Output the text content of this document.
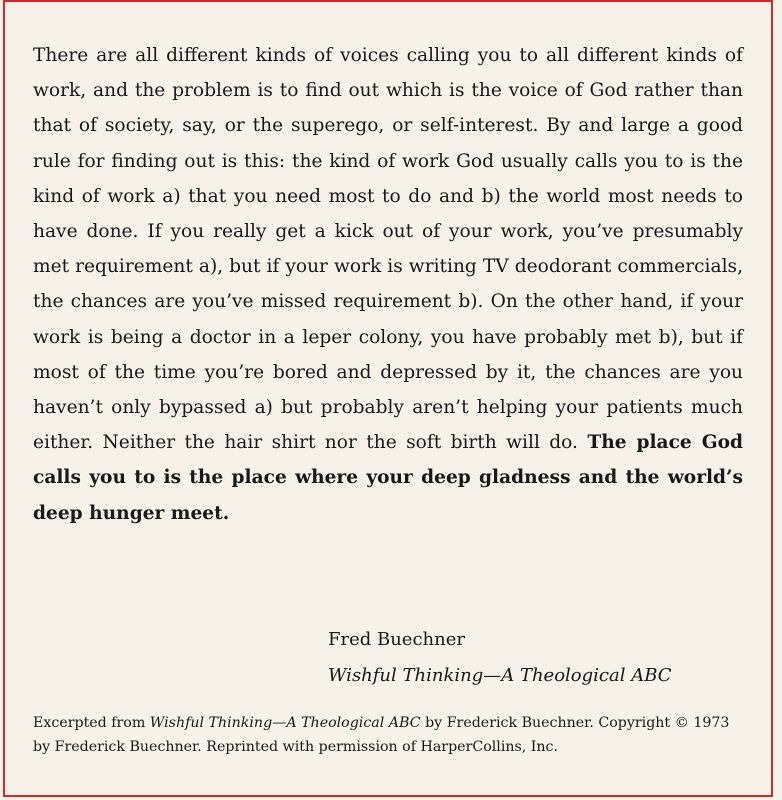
There are all different kinds of voices calling you to all different kinds of work, and the problem is to find out which is the voice of God rather than that of society, say, or the superego, or self-interest. By and large a good rule for finding out is this: the kind of work God usually calls you to is the kind of work a) that you need most to do and b) the world most needs to have done. If you really get a kick out of your work, you’ve presumably met requirement a), but if your work is writing TV deodorant commercials, the chances are you’ve missed requirement b). On the other hand, if your work is being a doctor in a leper colony, you have probably met b), but if most of the time you’re bored and depressed by it, the chances are you haven’t only bypassed a) but probably aren’t helping your patients much either. Neither the hair shirt nor the soft birth will do. The place God calls you to is the place where your deep gladness and the world’s deep hunger meet.

Fred Buechner
Wishful Thinking—A Theological ABC

Excerpted from Wishful Thinking—A Theological ABC by Frederick Buechner. Copyright © 1973 by Frederick Buechner. Reprinted with permission of HarperCollins, Inc.
